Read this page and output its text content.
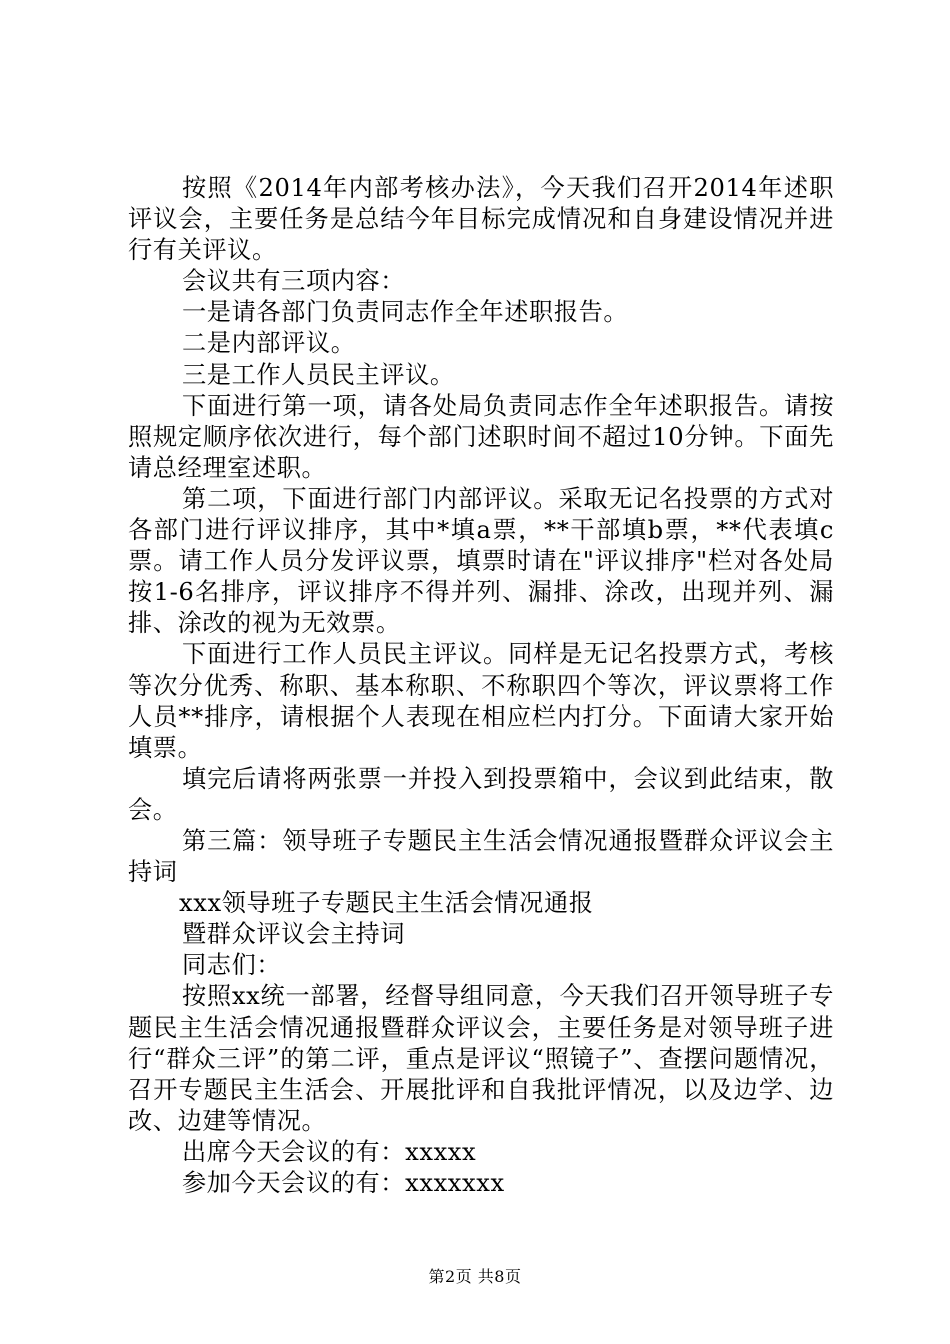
按照《2014年内部考核办法》，今天我们召开2014年述职评议会，主要任务是总结今年目标完成情况和自身建设情况并进行有关评议。

会议共有三项内容：

一是请各部门负责同志作全年述职报告。

二是内部评议。

三是工作人员民主评议。

下面进行第一项，请各处局负责同志作全年述职报告。请按照规定顺序依次进行，每个部门述职时间不超过10分钟。下面先请总经理室述职。

第二项，下面进行部门内部评议。采取无记名投票的方式对各部门进行评议排序，其中*填a票，**干部填b票，**代表填c票。请工作人员分发评议票，填票时请在"评议排序"栏对各处局按1-6名排序，评议排序不得并列、漏排、涂改，出现并列、漏排、涂改的视为无效票。

下面进行工作人员民主评议。同样是无记名投票方式，考核等次分优秀、称职、基本称职、不称职四个等次，评议票将工作人员**排序，请根据个人表现在相应栏内打分。下面请大家开始填票。

填完后请将两张票一并投入到投票箱中，会议到此结束，散会。

第三篇：领导班子专题民主生活会情况通报暨群众评议会主持词

xxx领导班子专题民主生活会情况通报

暨群众评议会主持词

同志们：

按照xx统一部署，经督导组同意，今天我们召开领导班子专题民主生活会情况通报暨群众评议会，主要任务是对领导班子进行“群众三评”的第二评，重点是评议“照镜子”、查摆问题情况，召开专题民主生活会、开展批评和自我批评情况，以及边学、边改、边建等情况。

出席今天会议的有：xxxxx

参加今天会议的有：xxxxxxx

第2页 共8页
